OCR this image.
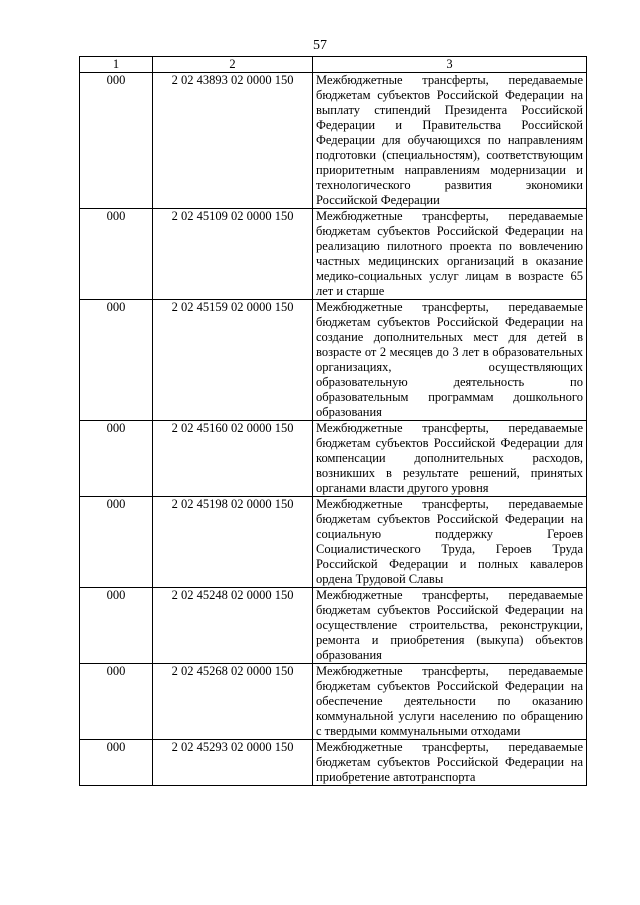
57
1	2	3
000	2 02 43893 02 0000 150	Межбюджетные трансферты, передаваемые бюджетам субъектов Российской Федерации на выплату стипендий Президента Российской Федерации и Правительства Российской Федерации для обучающихся по направлениям подготовки (специальностям), соответствующим приоритетным направлениям модернизации и технологического развития экономики Российской Федерации
000	2 02 45109 02 0000 150	Межбюджетные трансферты, передаваемые бюджетам субъектов Российской Федерации на реализацию пилотного проекта по вовлечению частных медицинских организаций в оказание медико-социальных услуг лицам в возрасте 65 лет и старше
000	2 02 45159 02 0000 150	Межбюджетные трансферты, передаваемые бюджетам субъектов Российской Федерации на создание дополнительных мест для детей в возрасте от 2 месяцев до 3 лет в образовательных организациях, осуществляющих образовательную деятельность по образовательным программам дошкольного образования
000	2 02 45160 02 0000 150	Межбюджетные трансферты, передаваемые бюджетам субъектов Российской Федерации для компенсации дополнительных расходов, возникших в результате решений, принятых органами власти другого уровня
000	2 02 45198 02 0000 150	Межбюджетные трансферты, передаваемые бюджетам субъектов Российской Федерации на социальную поддержку Героев Социалистического Труда, Героев Труда Российской Федерации и полных кавалеров ордена Трудовой Славы
000	2 02 45248 02 0000 150	Межбюджетные трансферты, передаваемые бюджетам субъектов Российской Федерации на осуществление строительства, реконструкции, ремонта и приобретения (выкупа) объектов образования
000	2 02 45268 02 0000 150	Межбюджетные трансферты, передаваемые бюджетам субъектов Российской Федерации на обеспечение деятельности по оказанию коммунальной услуги населению по обращению с твердыми коммунальными отходами
000	2 02 45293 02 0000 150	Межбюджетные трансферты, передаваемые бюджетам субъектов Российской Федерации на приобретение автотранспорта
